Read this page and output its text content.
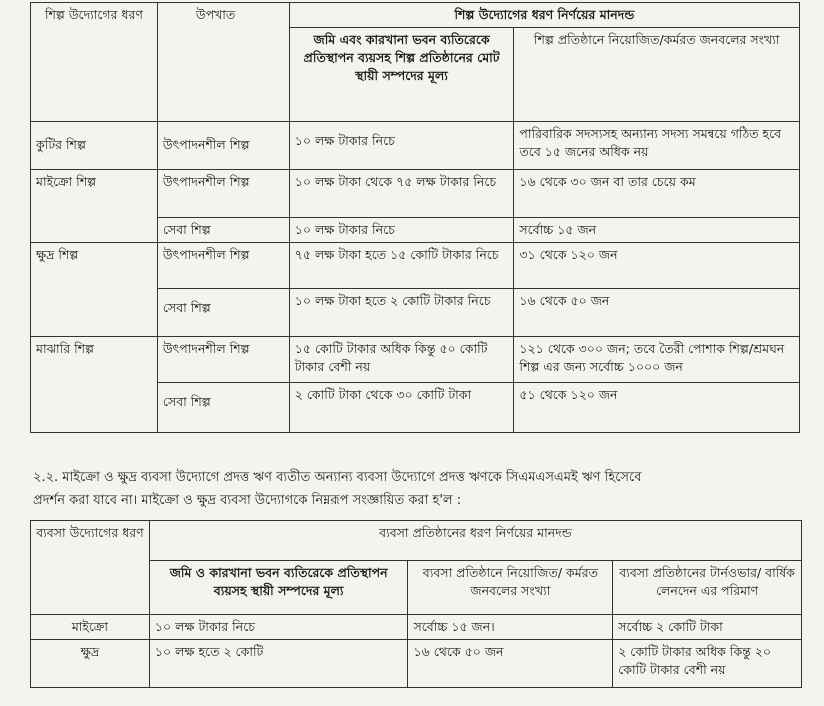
শিল্প উদ্যোগের ধরণ	উপখাত	শিল্প উদ্যোগের ধরণ নির্ণয়ের মানদন্ড	
		জমি এবং কারখানা ভবন ব্যতিরেকে প্রতিস্থাপন ব্যয়সহ শিল্প প্রতিষ্ঠানের মোট স্থায়ী সম্পদের মূল্য	শিল্প প্রতিষ্ঠানে নিয়োজিত/কর্মরত জনবলের সংখ্যা
কুটির শিল্প	উৎপাদনশীল শিল্প	১০ লক্ষ টাকার নিচে	পারিবারিক সদস্যসহ অন্যান্য সদস্য সমন্বয়ে গঠিত হবে তবে ১৫ জনের অধিক নয়
মাইক্রো শিল্প	উৎপাদনশীল শিল্প	১০ লক্ষ টাকা থেকে ৭৫ লক্ষ টাকার নিচে	১৬ থেকে ৩০ জন বা তার চেয়ে কম
	সেবা শিল্প	১০ লক্ষ টাকার নিচে	সর্বোচ্চ ১৫ জন
ক্ষুদ্র শিল্প	উৎপাদনশীল শিল্প	৭৫ লক্ষ টাকা হতে ১৫ কোটি টাকার নিচে	৩১ থেকে ১২০ জন
	সেবা শিল্প	১০ লক্ষ টাকা হতে ২ কোটি টাকার নিচে	১৬ থেকে ৫০ জন
মাঝারি শিল্প	উৎপাদনশীল শিল্প	১৫ কোটি টাকার অধিক কিন্তু ৫০ কোটি টাকার বেশী নয়	১২১ থেকে ৩০০ জন; তবে তৈরী পোশাক শিল্প/শ্রমঘন শিল্প এর জন্য সর্বোচ্চ ১০০০ জন
	সেবা শিল্প	২ কোটি টাকা থেকে ৩০ কোটি টাকা	৫১ থেকে ১২০ জন

২.২. মাইক্রো ও ক্ষুদ্র ব্যবসা উদ্যোগে প্রদত্ত ঋণ ব্যতীত অন্যান্য ব্যবসা উদ্যোগে প্রদত্ত ঋণকে সিএমএসএমই ঋণ হিসেবে

প্রদর্শন করা যাবে না। মাইক্রো ও ক্ষুদ্র ব্যবসা উদ্যোগকে নিম্নরূপ সংজ্ঞায়িত করা হ'ল :

ব্যবসা উদ্যোগের ধরণ	ব্যবসা প্রতিষ্ঠানের ধরণ নির্ণয়ের মানদন্ড		
	জমি ও কারখানা ভবন ব্যতিরেকে প্রতিস্থাপন ব্যয়সহ স্থায়ী সম্পদের মূল্য	ব্যবসা প্রতিষ্ঠানে নিয়োজিত/ কর্মরত জনবলের সংখ্যা	ব্যবসা প্রতিষ্ঠানের টার্নওভার/ বার্ষিক লেনদেন এর পরিমাণ
মাইক্রো	১০ লক্ষ টাকার নিচে	সর্বোচ্চ ১৫ জন।	সর্বোচ্চ ২ কোটি টাকা
ক্ষুদ্র	১০ লক্ষ হতে ২ কোটি	১৬ থেকে ৫০ জন	২ কোটি টাকার অধিক কিন্তু ২০ কোটি টাকার বেশী নয়
